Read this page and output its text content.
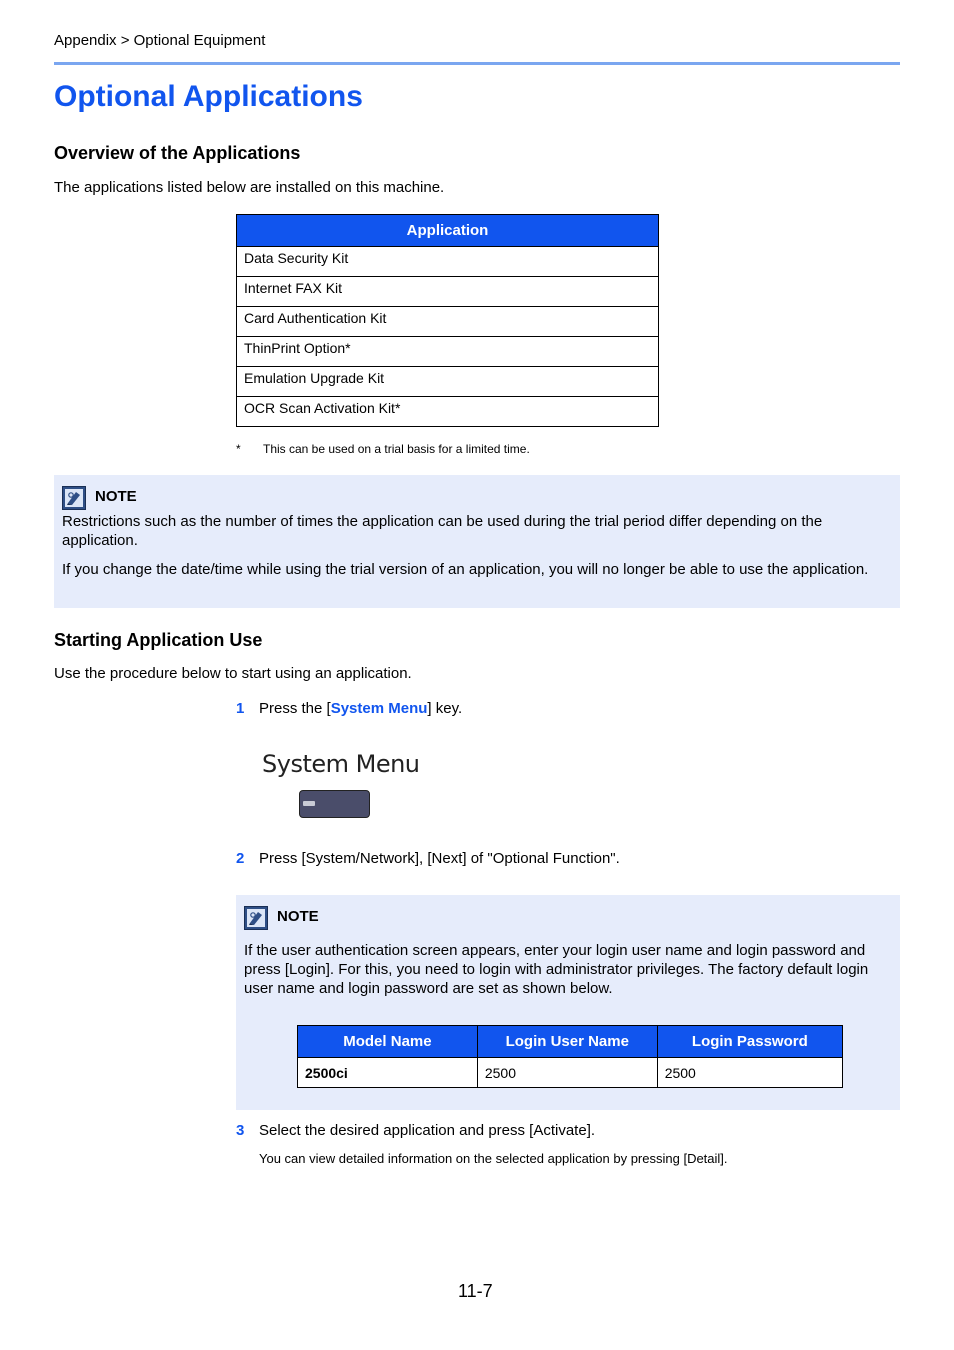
Appendix > Optional Equipment
Optional Applications
Overview of the Applications
The applications listed below are installed on this machine.
Application
Data Security Kit
Internet FAX Kit
Card Authentication Kit
ThinPrint Option*
Emulation Upgrade Kit
OCR Scan Activation Kit*
* This can be used on a trial basis for a limited time.
NOTE
Restrictions such as the number of times the application can be used during the trial period differ depending on the application.
If you change the date/time while using the trial version of an application, you will no longer be able to use the application.
Starting Application Use
Use the procedure below to start using an application.
1 Press the [System Menu] key.
System Menu
2 Press [System/Network], [Next] of "Optional Function".
NOTE
If the user authentication screen appears, enter your login user name and login password and press [Login]. For this, you need to login with administrator privileges. The factory default login user name and login password are set as shown below.
Model Name	Login User Name	Login Password
2500ci	2500	2500
3 Select the desired application and press [Activate].
You can view detailed information on the selected application by pressing [Detail].
11-7
